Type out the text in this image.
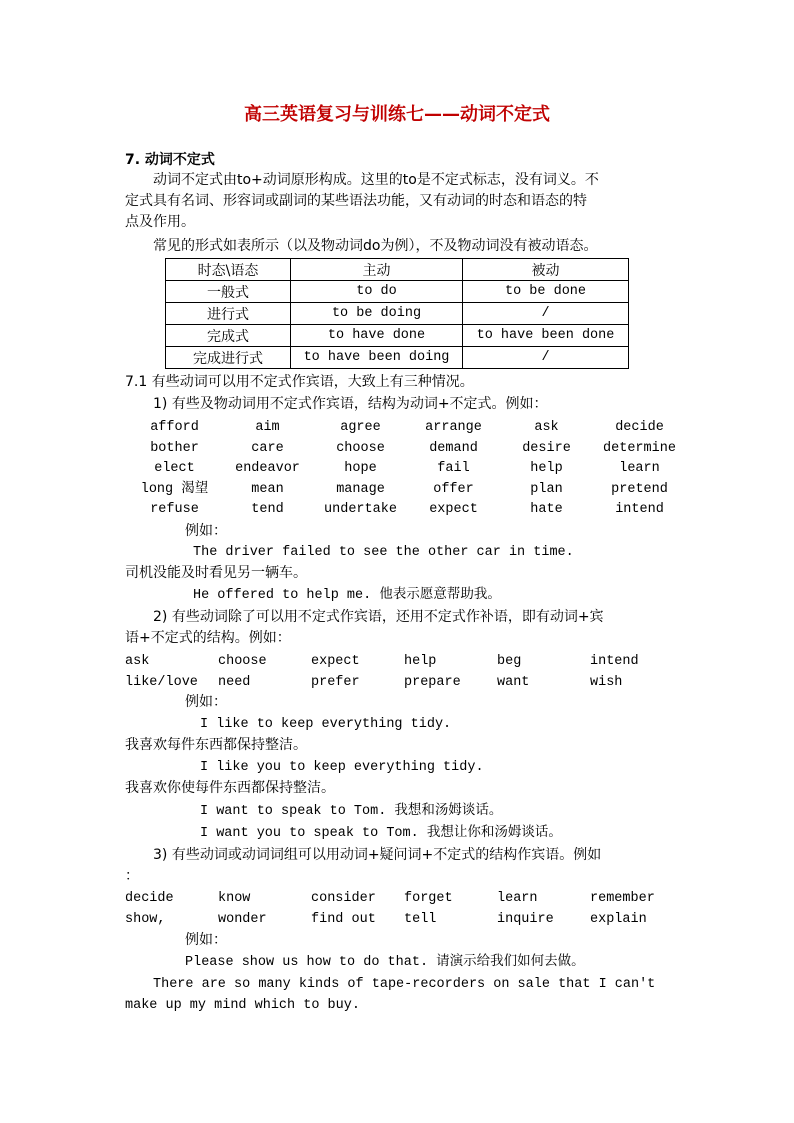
高三英语复习与训练七——动词不定式
7. 动词不定式
动词不定式由to+动词原形构成。这里的to是不定式标志，没有词义。不
定式具有名词、形容词或副词的某些语法功能，又有动词的时态和语态的特
点及作用。
常见的形式如表所示（以及物动词do为例），不及物动词没有被动语态。
时态\语态	主动	被动
一般式	to do	to be done
进行式	to be doing	/
完成式	to have done	to have been done
完成进行式	to have been doing	/
7.1 有些动词可以用不定式作宾语，大致上有三种情况。
1) 有些及物动词用不定式作宾语，结构为动词+不定式。例如：
afford	aim	agree	arrange	ask	decide
bother	care	choose	demand	desire	determine
elect	endeavor	hope	fail	help	learn
long 渴望	mean	manage	offer	plan	pretend
refuse	tend	undertake	expect	hate	intend
例如：
The driver failed to see the other car in time.
司机没能及时看见另一辆车。
He offered to help me. 他表示愿意帮助我。
2) 有些动词除了可以用不定式作宾语，还用不定式作补语，即有动词+宾
语+不定式的结构。例如：
ask	choose	expect	help	beg	intend
like/love	need	prefer	prepare	want	wish
例如：
I like to keep everything tidy.
我喜欢每件东西都保持整洁。
I like you to keep everything tidy.
我喜欢你使每件东西都保持整洁。
I want to speak to Tom. 我想和汤姆谈话。
I want you to speak to Tom. 我想让你和汤姆谈话。
3) 有些动词或动词词组可以用动词+疑问词+不定式的结构作宾语。例如
：
decide	know	consider	forget	learn	remember
show,	wonder	find out	tell	inquire	explain
例如：
Please show us how to do that. 请演示给我们如何去做。
There are so many kinds of tape-recorders on sale that I can't
make up my mind which to buy.
